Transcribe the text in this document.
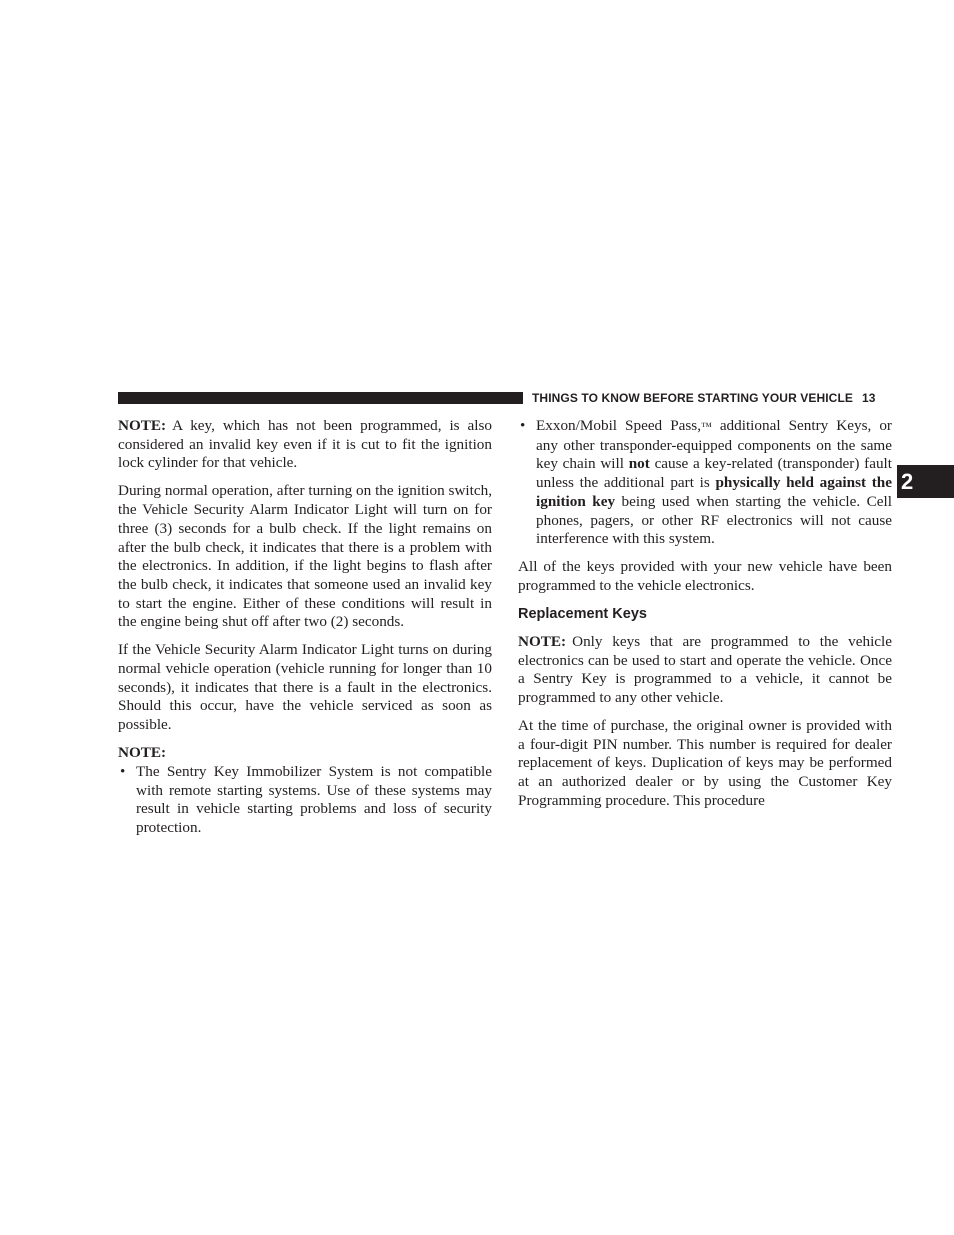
THINGS TO KNOW BEFORE STARTING YOUR VEHICLE 13
2

NOTE: A key, which has not been programmed, is also considered an invalid key even if it is cut to fit the ignition lock cylinder for that vehicle.

During normal operation, after turning on the ignition switch, the Vehicle Security Alarm Indicator Light will turn on for three (3) seconds for a bulb check. If the light remains on after the bulb check, it indicates that there is a problem with the electronics. In addition, if the light begins to flash after the bulb check, it indicates that someone used an invalid key to start the engine. Either of these conditions will result in the engine being shut off after two (2) seconds.

If the Vehicle Security Alarm Indicator Light turns on during normal vehicle operation (vehicle running for longer than 10 seconds), it indicates that there is a fault in the electronics. Should this occur, have the vehicle serviced as soon as possible.

NOTE:

• The Sentry Key Immobilizer System is not compatible with remote starting systems. Use of these systems may result in vehicle starting problems and loss of security protection.
• Exxon/Mobil Speed Pass,™ additional Sentry Keys, or any other transponder-equipped components on the same key chain will not cause a key-related (transponder) fault unless the additional part is physically held against the ignition key being used when starting the vehicle. Cell phones, pagers, or other RF electronics will not cause interference with this system.

All of the keys provided with your new vehicle have been programmed to the vehicle electronics.

Replacement Keys

NOTE: Only keys that are programmed to the vehicle electronics can be used to start and operate the vehicle. Once a Sentry Key is programmed to a vehicle, it cannot be programmed to any other vehicle.

At the time of purchase, the original owner is provided with a four-digit PIN number. This number is required for dealer replacement of keys. Duplication of keys may be performed at an authorized dealer or by using the Customer Key Programming procedure. This procedure
